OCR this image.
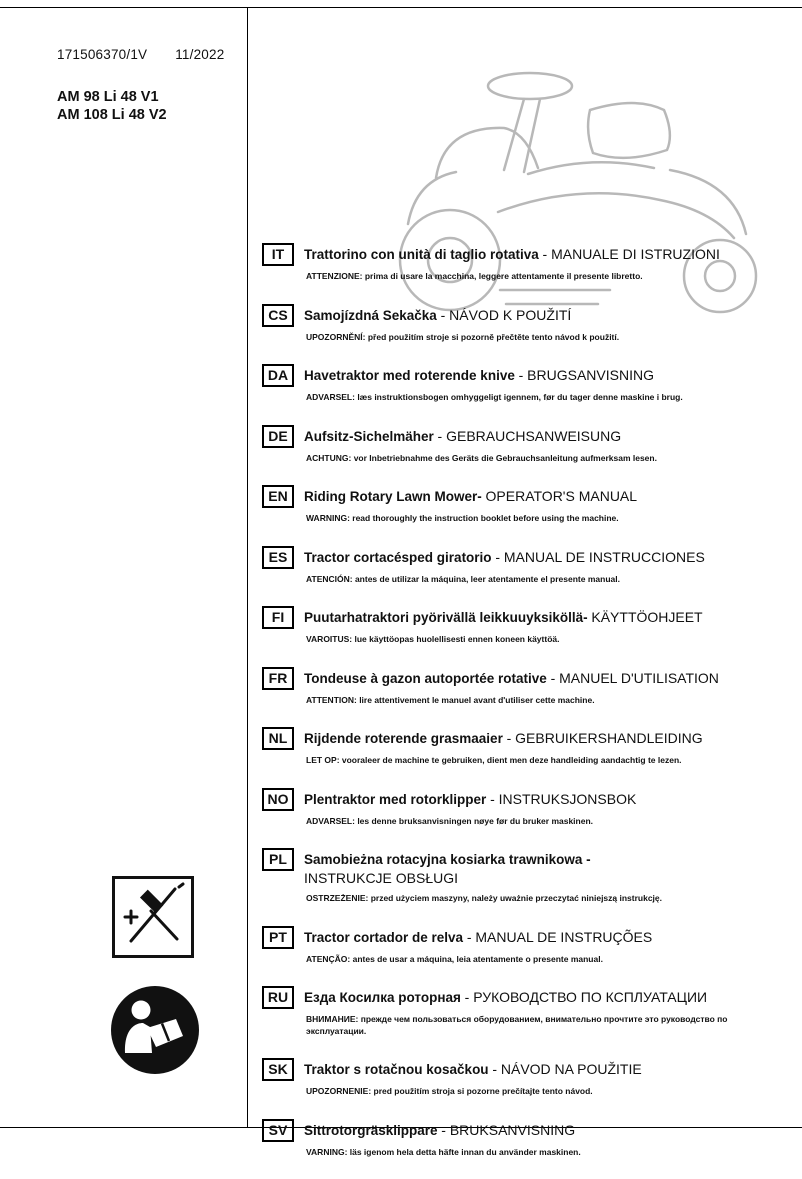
171506370/1V 11/2022
AM 98 Li 48 V1
AM 108 Li 48 V2
IT	Trattorino con unità di taglio rotativa - MANUALE DI ISTRUZIONI
ATTENZIONE: prima di usare la macchina, leggere attentamente il presente libretto.
CS	Samojízdná Sekačka - NÁVOD K POUŽITÍ
UPOZORNĚNÍ: před použitím stroje si pozorně přečtěte tento návod k použití.
DA	Havetraktor med roterende knive - BRUGSANVISNING
ADVARSEL: læs instruktionsbogen omhyggeligt igennem, før du tager denne maskine i brug.
DE	Aufsitz-Sichelmäher - GEBRAUCHSANWEISUNG
ACHTUNG: vor Inbetriebnahme des Geräts die Gebrauchsanleitung aufmerksam lesen.
EN	Riding Rotary Lawn Mower- OPERATOR'S MANUAL
WARNING: read thoroughly the instruction booklet before using the machine.
ES	Tractor cortacésped giratorio - MANUAL DE INSTRUCCIONES
ATENCIÓN: antes de utilizar la máquina, leer atentamente el presente manual.
FI	Puutarhatraktori pyörivällä leikkuuyksiköllä- KÄYTTÖOHJEET
VAROITUS: lue käyttöopas huolellisesti ennen koneen käyttöä.
FR	Tondeuse à gazon autoportée rotative - MANUEL D'UTILISATION
ATTENTION: lire attentivement le manuel avant d'utiliser cette machine.
NL	Rijdende roterende grasmaaier - GEBRUIKERSHANDLEIDING
LET OP: vooraleer de machine te gebruiken, dient men deze handleiding aandachtig te lezen.
NO	Plentraktor med rotorklipper - INSTRUKSJONSBOK
ADVARSEL: les denne bruksanvisningen nøye før du bruker maskinen.
PL	Samobieżna rotacyjna kosiarka trawnikowa -
INSTRUKCJE OBSŁUGI
OSTRZEŻENIE: przed użyciem maszyny, należy uważnie przeczytać niniejszą instrukcję.
PT	Tractor cortador de relva - MANUAL DE INSTRUÇÕES
ATENÇÃO: antes de usar a máquina, leia atentamente o presente manual.
RU	Езда Косилка роторная - РУКОВОДСТВО ПО КСПЛУАТАЦИИ
ВНИМАНИЕ: прежде чем пользоваться оборудованием, внимательно прочтите это руководство по эксплуатации.
SK	Traktor s rotačnou kosačkou - NÁVOD NA POUŽITIE
UPOZORNENIE: pred použitím stroja si pozorne prečítajte tento návod.
SV	Sittrotorgräsklippare - BRUKSANVISNING
VARNING: läs igenom hela detta häfte innan du använder maskinen.
